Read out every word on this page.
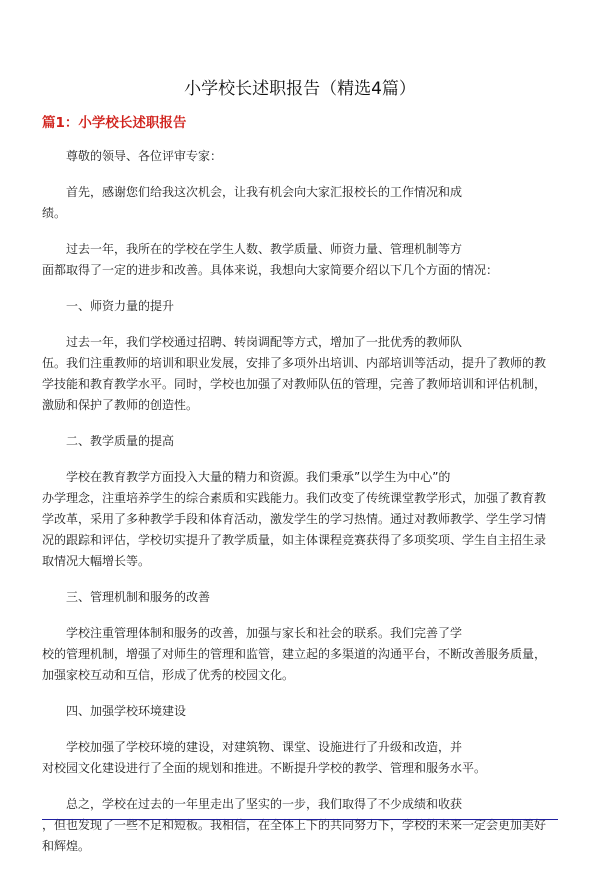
小学校长述职报告（精选4篇）
篇1：小学校长述职报告
尊敬的领导、各位评审专家：
首先，感谢您们给我这次机会，让我有机会向大家汇报校长的工作情况和成
绩。
过去一年，我所在的学校在学生人数、教学质量、师资力量、管理机制等方
面都取得了一定的进步和改善。具体来说，我想向大家简要介绍以下几个方面的情况：
一、师资力量的提升
过去一年，我们学校通过招聘、转岗调配等方式，增加了一批优秀的教师队
伍。我们注重教师的培训和职业发展，安排了多项外出培训、内部培训等活动，提升了教师的教
学技能和教育教学水平。同时，学校也加强了对教师队伍的管理，完善了教师培训和评估机制，
激励和保护了教师的创造性。
二、教学质量的提高
学校在教育教学方面投入大量的精力和资源。我们秉承”以学生为中心”的
办学理念，注重培养学生的综合素质和实践能力。我们改变了传统课堂教学形式，加强了教育教
学改革，采用了多种教学手段和体育活动，激发学生的学习热情。通过对教师教学、学生学习情
况的跟踪和评估，学校切实提升了教学质量，如主体课程竞赛获得了多项奖项、学生自主招生录
取情况大幅增长等。
三、管理机制和服务的改善
学校注重管理体制和服务的改善，加强与家长和社会的联系。我们完善了学
校的管理机制，增强了对师生的管理和监管，建立起的多渠道的沟通平台，不断改善服务质量，
加强家校互动和互信，形成了优秀的校园文化。
四、加强学校环境建设
学校加强了学校环境的建设，对建筑物、课堂、设施进行了升级和改造，并
对校园文化建设进行了全面的规划和推进。不断提升学校的教学、管理和服务水平。
总之，学校在过去的一年里走出了坚实的一步，我们取得了不少成绩和收获
，但也发现了一些不足和短板。我相信，在全体上下的共同努力下，学校的未来一定会更加美好
和辉煌。
